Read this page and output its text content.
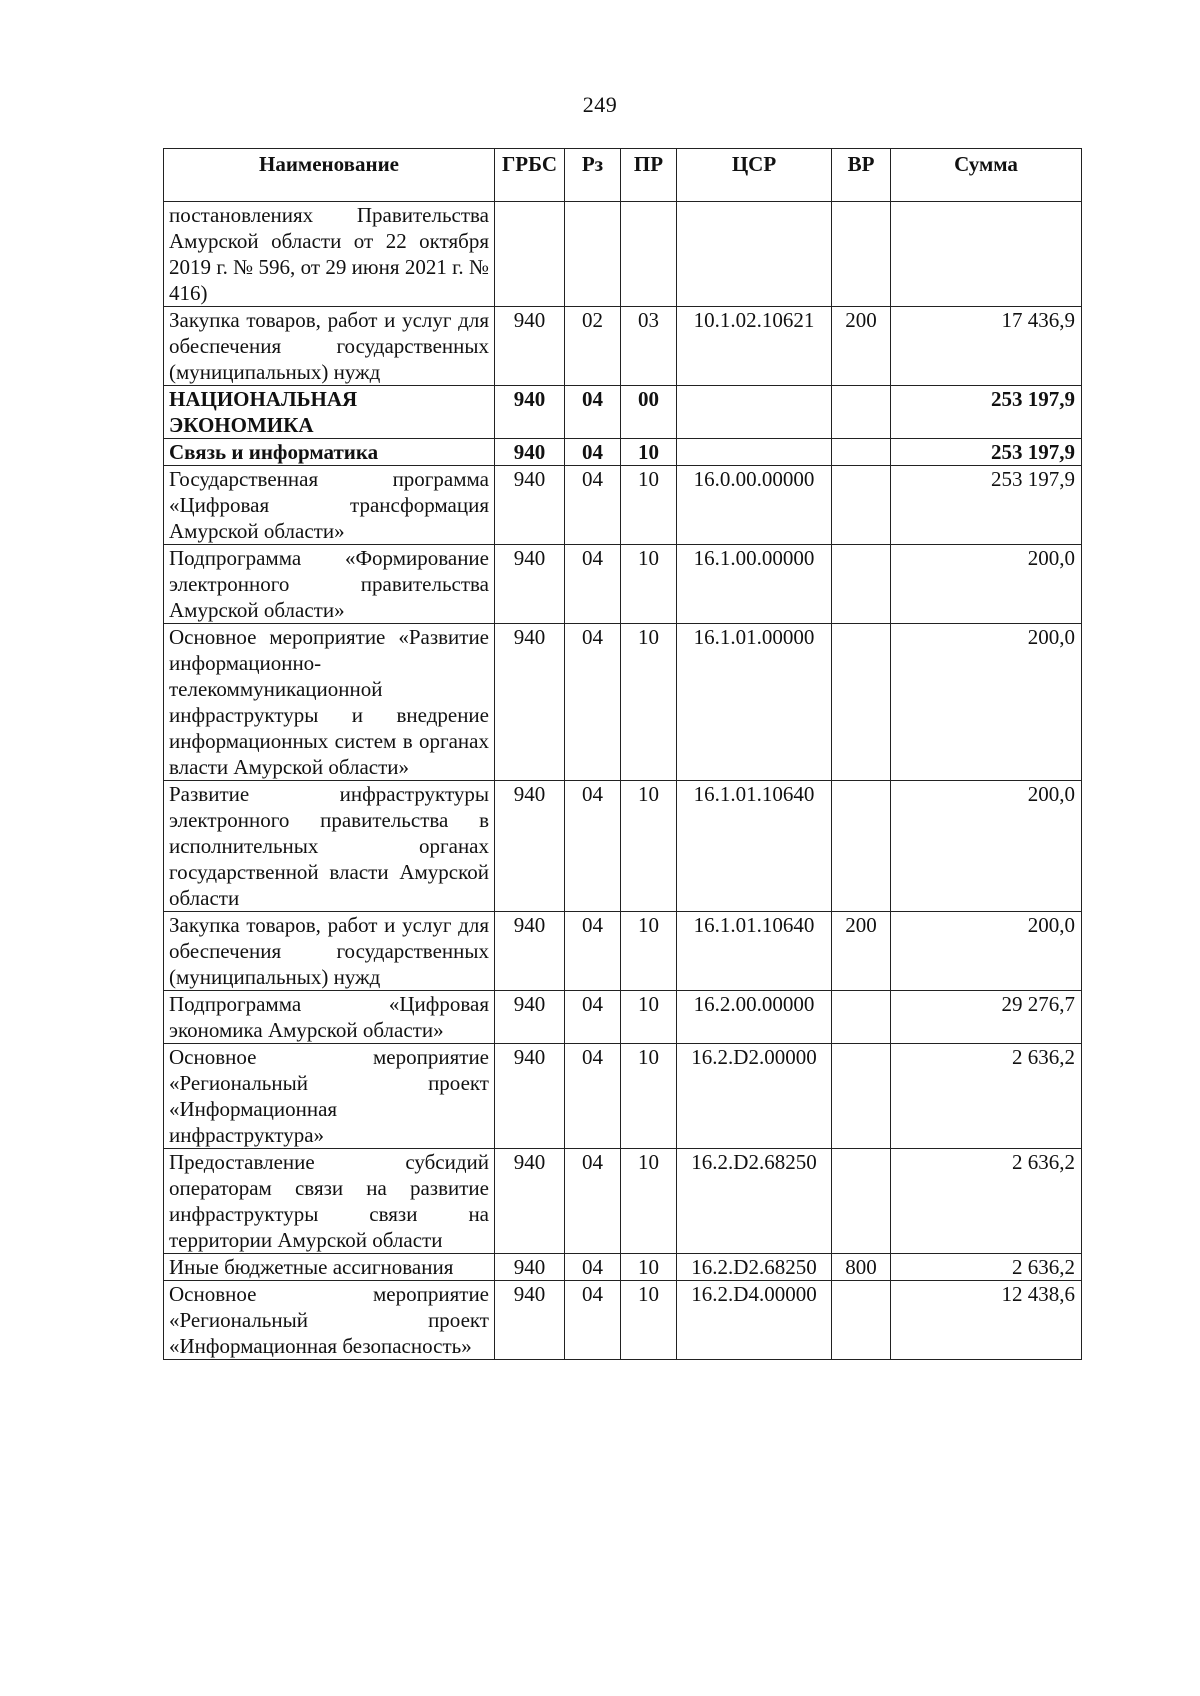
249
Наименование	ГРБС	Рз	ПР	ЦСР	ВР	Сумма
постановлениях Правительства Амурской области от 22 октября 2019 г. № 596, от 29 июня 2021 г. № 416)						
Закупка товаров, работ и услуг для обеспечения государственных (муниципальных) нужд	940	02	03	10.1.02.10621	200	17 436,9
НАЦИОНАЛЬНАЯ ЭКОНОМИКА	940	04	00			253 197,9
Связь и информатика	940	04	10			253 197,9
Государственная программа «Цифровая трансформация Амурской области»	940	04	10	16.0.00.00000		253 197,9
Подпрограмма «Формирование электронного правительства Амурской области»	940	04	10	16.1.00.00000		200,0
Основное мероприятие «Развитие информационно-телекоммуникационной инфраструктуры и внедрение информационных систем в органах власти Амурской области»	940	04	10	16.1.01.00000		200,0
Развитие инфраструктуры электронного правительства в исполнительных органах государственной власти Амурской области	940	04	10	16.1.01.10640		200,0
Закупка товаров, работ и услуг для обеспечения государственных (муниципальных) нужд	940	04	10	16.1.01.10640	200	200,0
Подпрограмма «Цифровая экономика Амурской области»	940	04	10	16.2.00.00000		29 276,7
Основное мероприятие «Региональный проект «Информационная инфраструктура»	940	04	10	16.2.D2.00000		2 636,2
Предоставление субсидий операторам связи на развитие инфраструктуры связи на территории Амурской области	940	04	10	16.2.D2.68250		2 636,2
Иные бюджетные ассигнования	940	04	10	16.2.D2.68250	800	2 636,2
Основное мероприятие «Региональный проект «Информационная безопасность»	940	04	10	16.2.D4.00000		12 438,6
